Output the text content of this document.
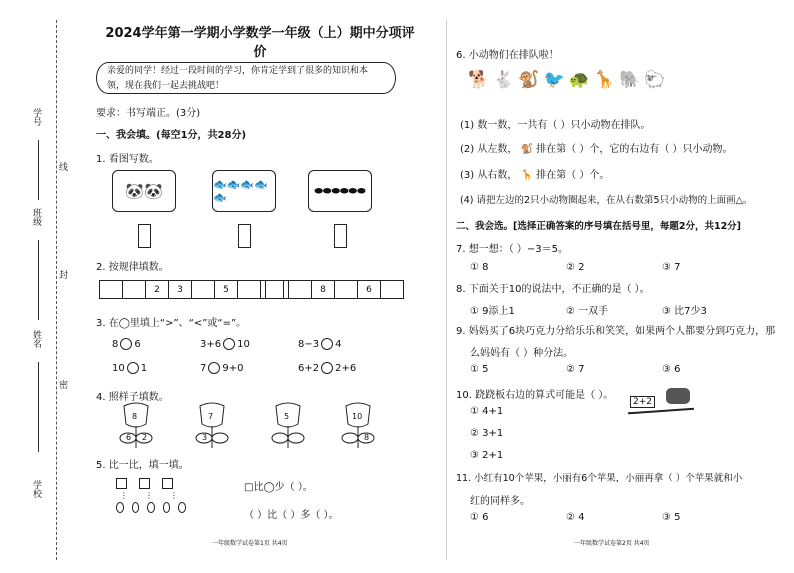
学号
班级
姓名
学校
线
封
密
2024学年第一学期小学数学一年级（上）期中分项评价
亲爱的同学！经过一段时间的学习，你肯定学到了很多的知识和本领，现在我们一起去挑战吧！
要求：书写端正。(3分)
一、我会填。(每空1分，共28分)
1. 看图写数。
🐼🐼	🐟🐟🐟🐟🐟	⬬⬬⬬⬬⬬⬬
2. 按规律填数。
2	3	5	8	6
3. 在◯里填上“>”、“<”或“=”。
8 6	3+6 10	8−3 4
10 1	7 9+0	6+2 2+6
4. 照样子填数。
8
6 2
7
3
5	10
8
5. 比一比，填一填。
⋮ ⋮ ⋮
□比◯少（ ）。
（ ）比（ ）多（ ）。
一年级数学试卷第1页 共4页
6. 小动物们在排队啦！
🐕🐇🐒🐦🐢🦒🐘🐑
(1) 数一数，一共有（ ）只小动物在排队。
(2) 从左数， 🐒 排在第（ ）个，它的右边有（ ）只小动物。
(3) 从右数， 🦒 排在第（ ）个。
(4) 请把左边的2只小动物圈起来，在从右数第5只小动物的上面画△。
二、我会选。[选择正确答案的序号填在括号里，每题2分，共12分]
7. 想一想：（ ）−3＝5。
① 8	② 2	③ 7
8. 下面关于10的说法中，不正确的是（ ）。
① 9添上1	② 一双手	③ 比7少3
9. 妈妈买了6块巧克力分给乐乐和笑笑，如果两个人都要分到巧克力，那
么妈妈有（ ）种分法。
① 5	② 7	③ 6
10. 跷跷板右边的算式可能是（ ）。
2+2
① 4+1
② 3+1
③ 2+1
11. 小红有10个苹果，小丽有6个苹果，小丽再拿（ ）个苹果就和小
红的同样多。
① 6	② 4	③ 5
一年级数学试卷第2页 共4页
